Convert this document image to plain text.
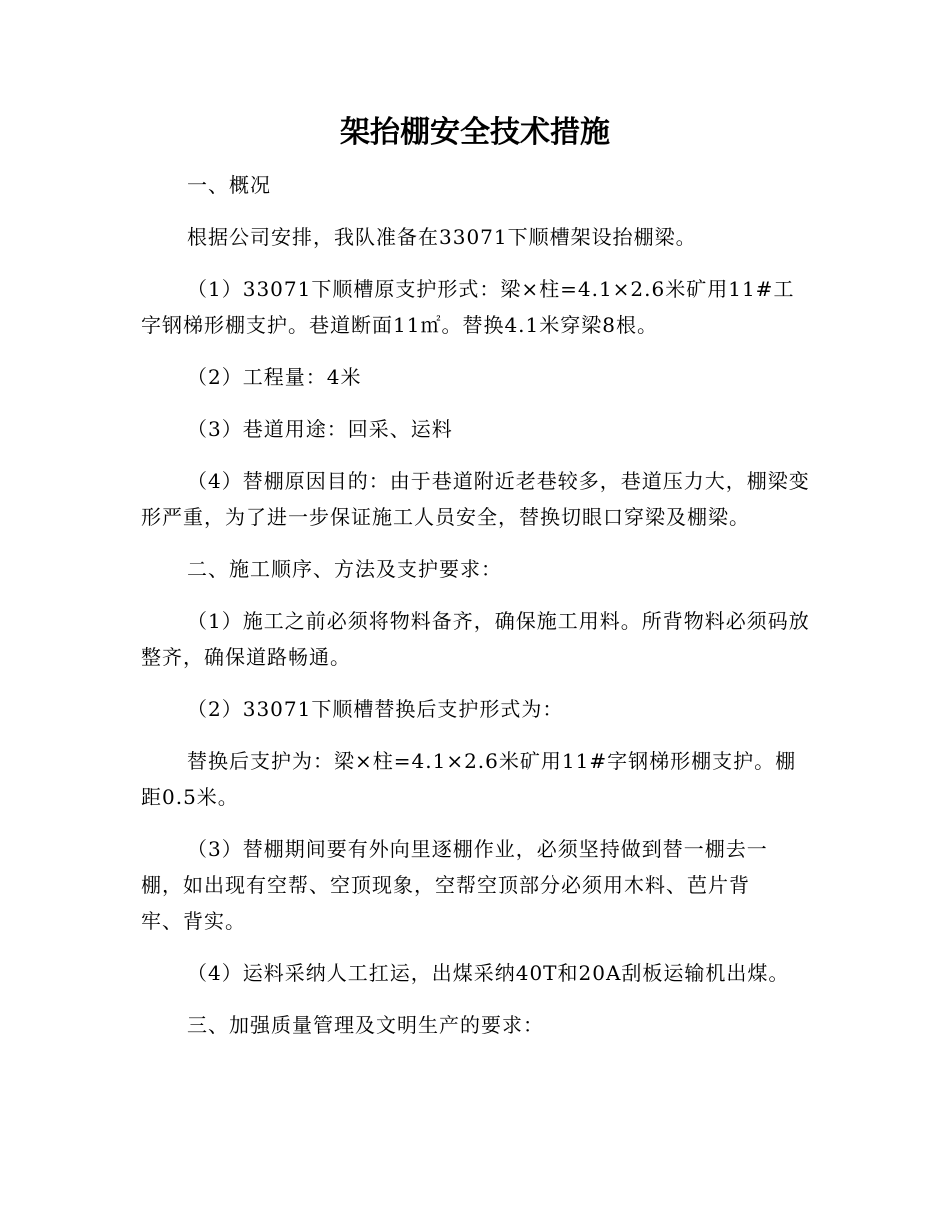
架抬棚安全技术措施

一、概况

根据公司安排，我队准备在33071下顺槽架设抬棚梁。

（1）33071下顺槽原支护形式：梁×柱=4.1×2.6米矿用11#工字钢梯形棚支护。巷道断面11㎡。替换4.1米穿梁8根。

（2）工程量：4米

（3）巷道用途：回采、运料

（4）替棚原因目的：由于巷道附近老巷较多，巷道压力大，棚梁变形严重，为了进一步保证施工人员安全，替换切眼口穿梁及棚梁。

二、施工顺序、方法及支护要求：

（1）施工之前必须将物料备齐，确保施工用料。所背物料必须码放整齐，确保道路畅通。

（2）33071下顺槽替换后支护形式为：

替换后支护为：梁×柱=4.1×2.6米矿用11#字钢梯形棚支护。棚距0.5米。

（3）替棚期间要有外向里逐棚作业，必须坚持做到替一棚去一棚，如出现有空帮、空顶现象，空帮空顶部分必须用木料、芭片背牢、背实。

（4）运料采纳人工扛运，出煤采纳40T和20A刮板运输机出煤。

三、加强质量管理及文明生产的要求：
